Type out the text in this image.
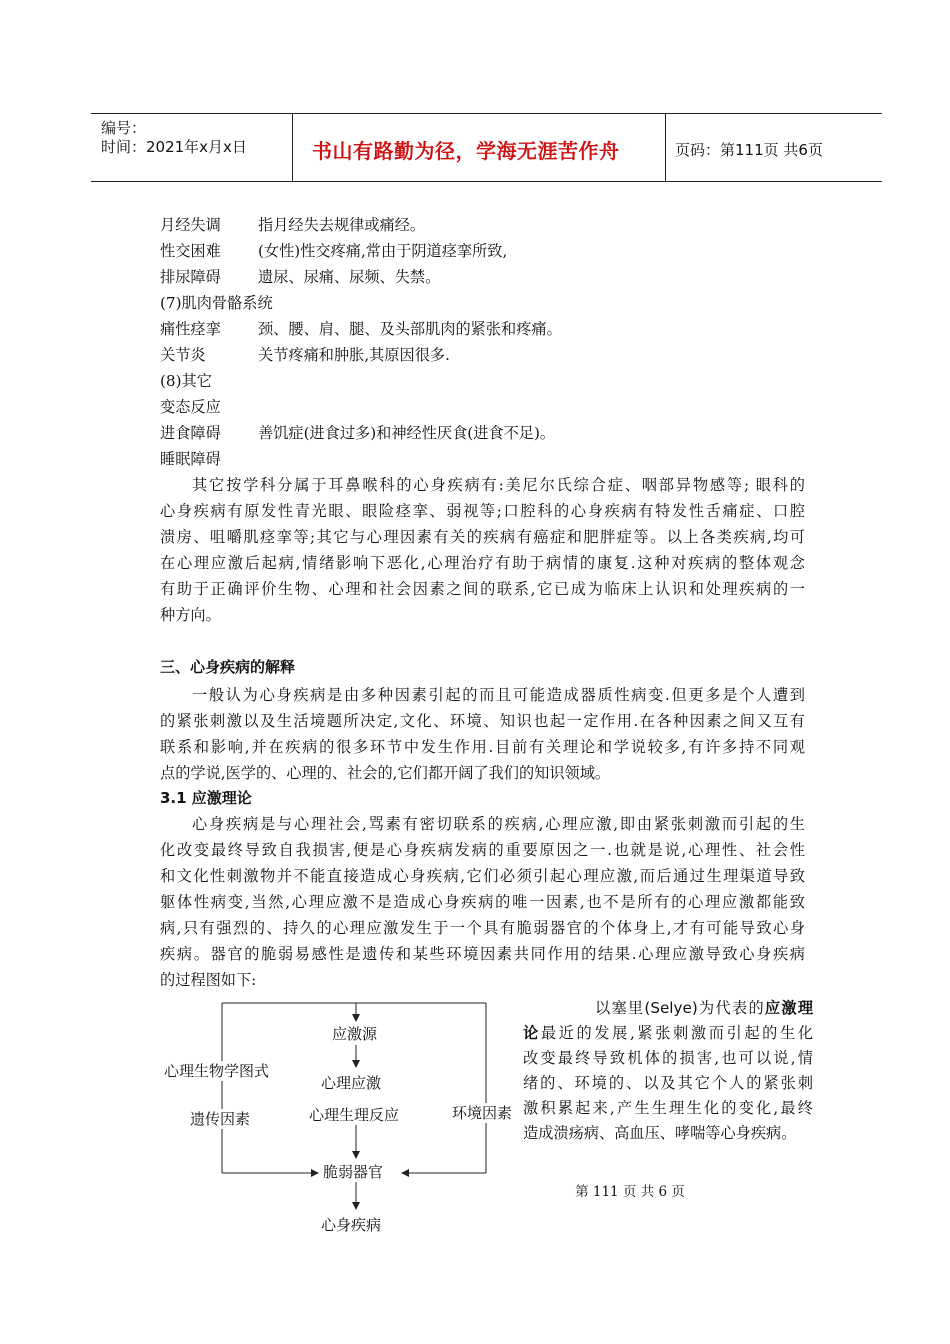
编号：
时间：2021年x月x日	书山有路勤为径，学海无涯苦作舟	页码：第111页 共6页
月经失调 指月经失去规律或痛经。
性交困难 (女性)性交疼痛,常由于阴道痉挛所致,
排尿障碍 遗尿、尿痛、尿频、失禁。
(7)肌肉骨骼系统
痛性痉挛 颈、腰、肩、腿、及头部肌肉的紧张和疼痛。
关节炎	关节疼痛和肿胀,其原因很多.
(8)其它
变态反应
进食障碍 善饥症(进食过多)和神经性厌食(进食不足)。
睡眠障碍
其它按学科分属于耳鼻喉科的心身疾病有:美尼尔氏综合症、咽部异物感等; 眼科的
心身疾病有原发性青光眼、眼险痉挛、弱视等;口腔科的心身疾病有特发性舌痛症、口腔
溃房、咀嚼肌痉挛等;其它与心理因素有关的疾病有癌症和肥胖症等。以上各类疾病,均可
在心理应激后起病,情绪影响下恶化,心理治疗有助于病情的康复.这种对疾病的整体观念
有助于正确评价生物、心理和社会因素之间的联系,它已成为临床上认识和处理疾病的一
种方向。
三、心身疾病的解释
一般认为心身疾病是由多种因素引起的而且可能造成器质性病变.但更多是个人遭到
的紧张刺激以及生活境题所决定,文化、环境、知识也起一定作用.在各种因素之间又互有
联系和影响,并在疾病的很多环节中发生作用.目前有关理论和学说较多,有许多持不同观
点的学说,医学的、心理的、社会的,它们都开阔了我们的知识领域。
3.1 应激理论
心身疾病是与心理社会,骂素有密切联系的疾病,心理应激,即由紧张刺激而引起的生
化改变最终导致自我损害,便是心身疾病发病的重要原因之一.也就是说,心理性、社会性
和文化性刺激物并不能直接造成心身疾病,它们必须引起心理应激,而后通过生理渠道导致
躯体性病变,当然,心理应激不是造成心身疾病的唯一因素,也不是所有的心理应激都能致
病,只有强烈的、持久的心理应激发生于一个具有脆弱器官的个体身上,才有可能导致心身
疾病。器官的脆弱易感性是遗传和某些环境因素共同作用的结果.心理应激导致心身疾病
的过程图如下:
应激源
心理生物学图式
心理应激
遗传因素	心理生理反应	环境因素
脆弱器官
心身疾病
以塞里(Selye)为代表的应激理
论最近的发展,紧张刺激而引起的生化
改变最终导致机体的损害,也可以说,情
绪的、环境的、以及其它个人的紧张刺
激积累起来,产生生理生化的变化,最终
造成溃疡病、高血压、哮喘等心身疾病。
第 111 页 共 6 页
